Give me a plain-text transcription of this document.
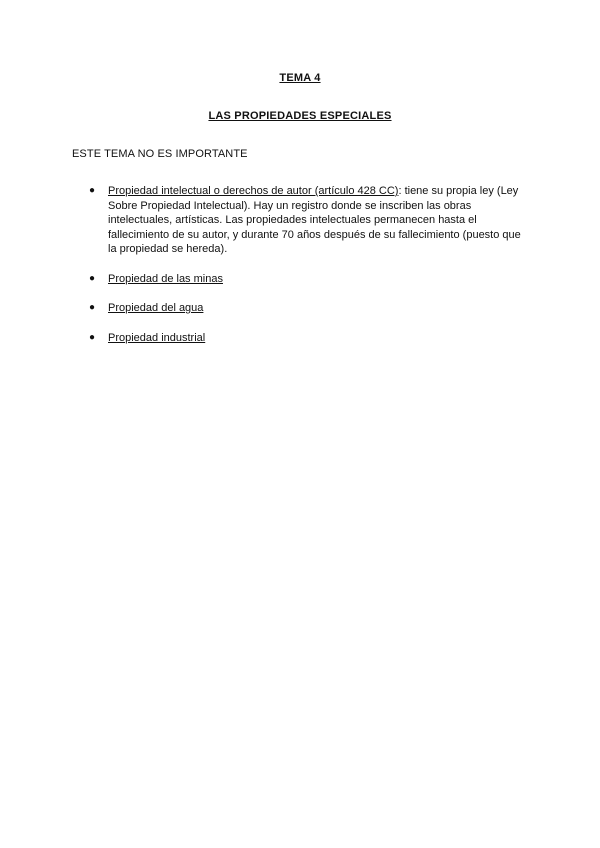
TEMA 4
LAS PROPIEDADES ESPECIALES
ESTE TEMA NO ES IMPORTANTE
● Propiedad intelectual o derechos de autor (artículo 428 CC): tiene su propia ley (Ley Sobre Propiedad Intelectual). Hay un registro donde se inscriben las obras intelectuales, artísticas. Las propiedades intelectuales permanecen hasta el fallecimiento de su autor, y durante 70 años después de su fallecimiento (puesto que la propiedad se hereda).
● Propiedad de las minas
● Propiedad del agua
● Propiedad industrial
